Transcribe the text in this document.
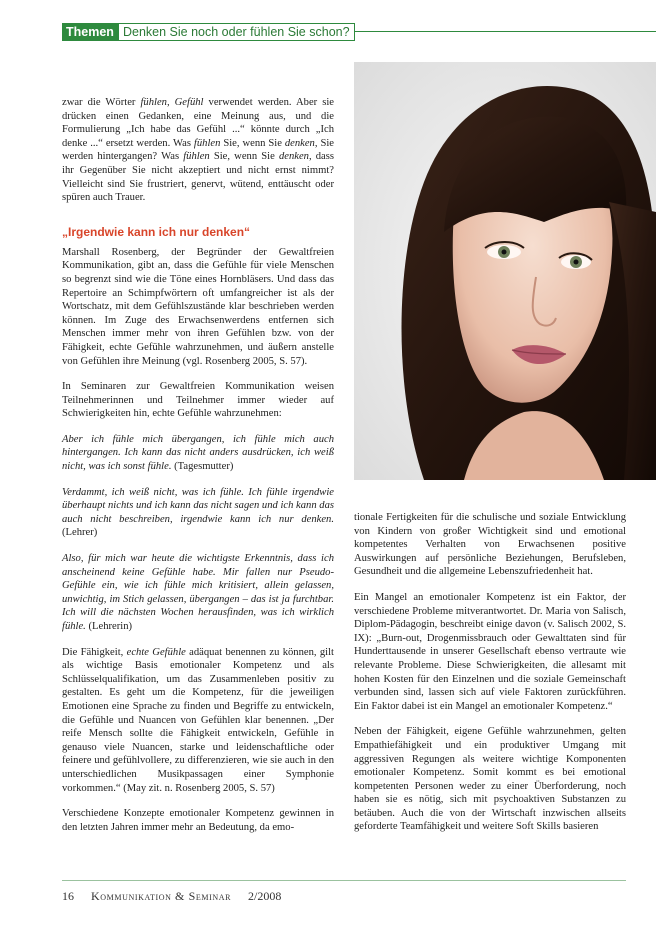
Themen Denken Sie noch oder fühlen Sie schon?

zwar die Wörter fühlen, Gefühl verwendet werden. Aber sie drücken einen Gedanken, eine Meinung aus, und die Formulierung „Ich habe das Gefühl ...“ könnte durch „Ich denke ...“ ersetzt werden. Was fühlen Sie, wenn Sie denken, Sie werden hintergangen? Was fühlen Sie, wenn Sie denken, dass ihr Gegenüber Sie nicht akzeptiert und nicht ernst nimmt? Vielleicht sind Sie frustriert, genervt, wütend, enttäuscht oder spüren auch Trauer.

„Irgendwie kann ich nur denken“

Marshall Rosenberg, der Begründer der Gewaltfreien Kommunikation, gibt an, dass die Gefühle für viele Menschen so begrenzt sind wie die Töne eines Hornbläsers. Und dass das Repertoire an Schimpfwörtern oft umfangreicher ist als der Wortschatz, mit dem Gefühlszustände klar beschrieben werden können. Im Zuge des Erwachsenwerdens entfernen sich Menschen immer mehr von ihren Gefühlen bzw. von der Fähigkeit, echte Gefühle wahrzunehmen, und äußern anstelle von Gefühlen ihre Meinung (vgl. Rosenberg 2005, S. 57).

In Seminaren zur Gewaltfreien Kommunikation weisen Teilnehmerinnen und Teilnehmer immer wieder auf Schwierigkeiten hin, echte Gefühle wahrzunehmen:

Aber ich fühle mich übergangen, ich fühle mich auch hintergangen. Ich kann das nicht anders ausdrücken, ich weiß nicht, was ich sonst fühle. (Tagesmutter)

Verdammt, ich weiß nicht, was ich fühle. Ich fühle irgendwie überhaupt nichts und ich kann das nicht sagen und ich kann das auch nicht beschreiben, irgendwie kann ich nur denken. (Lehrer)

Also, für mich war heute die wichtigste Erkenntnis, dass ich anscheinend keine Gefühle habe. Mir fallen nur Pseudo-Gefühle ein, wie ich fühle mich kritisiert, allein gelassen, unwichtig, im Stich gelassen, übergangen – das ist ja furchtbar. Ich will die nächsten Wochen herausfinden, was ich wirklich fühle. (Lehrerin)

Die Fähigkeit, echte Gefühle adäquat benennen zu können, gilt als wichtige Basis emotionaler Kompetenz und als Schlüsselqualifikation, um das Zusammenleben positiv zu gestalten. Es geht um die Kompetenz, für die jeweiligen Emotionen eine Sprache zu finden und Begriffe zu entwickeln, die Gefühle und Nuancen von Gefühlen klar benennen. „Der reife Mensch sollte die Fähigkeit entwickeln, Gefühle in genauso viele Nuancen, starke und leidenschaftliche oder feinere und gefühlvollere, zu differenzieren, wie sie auch in den unterschiedlichen Musikpassagen einer Symphonie vorkommen.“ (May zit. n. Rosenberg 2005, S. 57)

Verschiedene Konzepte emotionaler Kompetenz gewinnen in den letzten Jahren immer mehr an Bedeutung, da emo-

tionale Fertigkeiten für die schulische und soziale Entwicklung von Kindern von großer Wichtigkeit sind und emotional kompetentes Verhalten von Erwachsenen positive Auswirkungen auf persönliche Beziehungen, Berufsleben, Gesundheit und die allgemeine Lebenszufriedenheit hat.

Ein Mangel an emotionaler Kompetenz ist ein Faktor, der verschiedene Probleme mitverantwortet. Dr. Maria von Salisch, Diplom-Pädagogin, beschreibt einige davon (v. Salisch 2002, S. IX): „Burn-out, Drogenmissbrauch oder Gewalttaten sind für Hunderttausende in unserer Gesellschaft ebenso vertraute wie relevante Probleme. Diese Schwierigkeiten, die allesamt mit hohen Kosten für den Einzelnen und die soziale Gemeinschaft verbunden sind, lassen sich auf viele Faktoren zurückführen. Ein Faktor dabei ist ein Mangel an emotionaler Kompetenz.“

Neben der Fähigkeit, eigene Gefühle wahrzunehmen, gelten Empathiefähigkeit und ein produktiver Umgang mit aggressiven Regungen als weitere wichtige Komponenten emotionaler Kompetenz. Somit kommt es bei emotional kompetenten Personen weder zu einer Überforderung, noch haben sie es nötig, sich mit psychoaktiven Substanzen zu betäuben. Auch die von der Wirtschaft inzwischen allseits geforderte Teamfähigkeit und weitere Soft Skills basieren

16 Kommunikation & Seminar 2/2008
